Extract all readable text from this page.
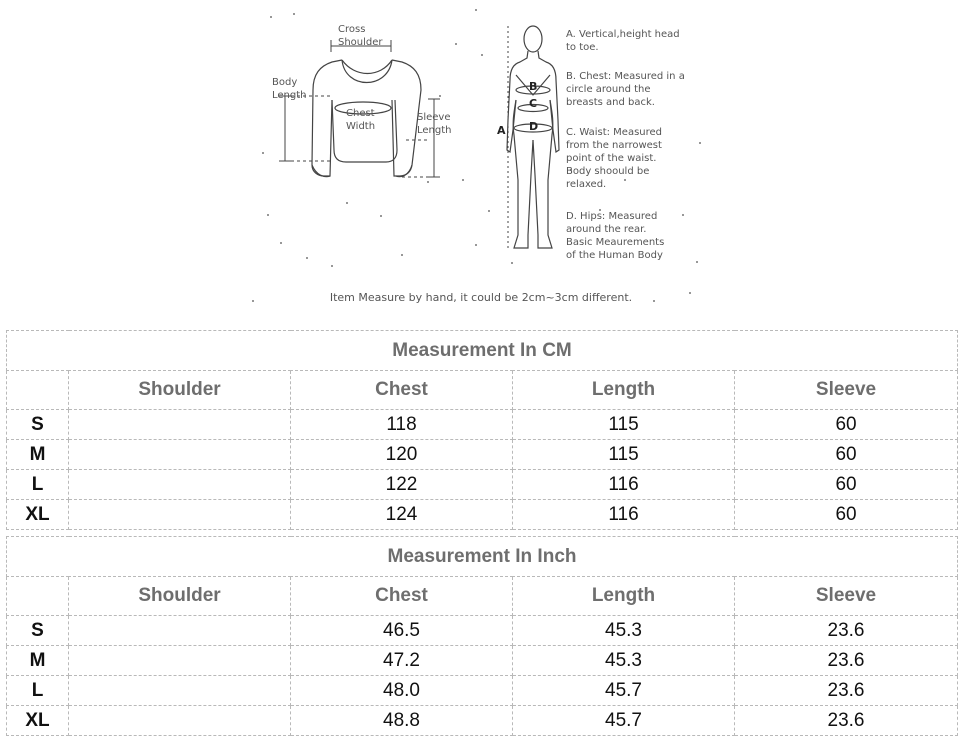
Cross
Shoulder
Body
Length
Chest
Width
Sleeve
Length	A
B
C
D
A. Vertical,height head
to toe.
B. Chest: Measured in a
circle around the
breasts and back.
C. Waist: Measured
from the narrowest
point of the waist.
Body shoould be
relaxed.
D. Hips: Measured
around the rear.
Basic Meaurements
of the Human Body
Item Measure by hand, it could be 2cm~3cm different.
Measurement In CM				
	Shoulder	Chest	Length	Sleeve
S		118	115	60
M		120	115	60
L		122	116	60
XL		124	116	60
Measurement In Inch				
	Shoulder	Chest	Length	Sleeve
S		46.5	45.3	23.6
M		47.2	45.3	23.6
L		48.0	45.7	23.6
XL		48.8	45.7	23.6
